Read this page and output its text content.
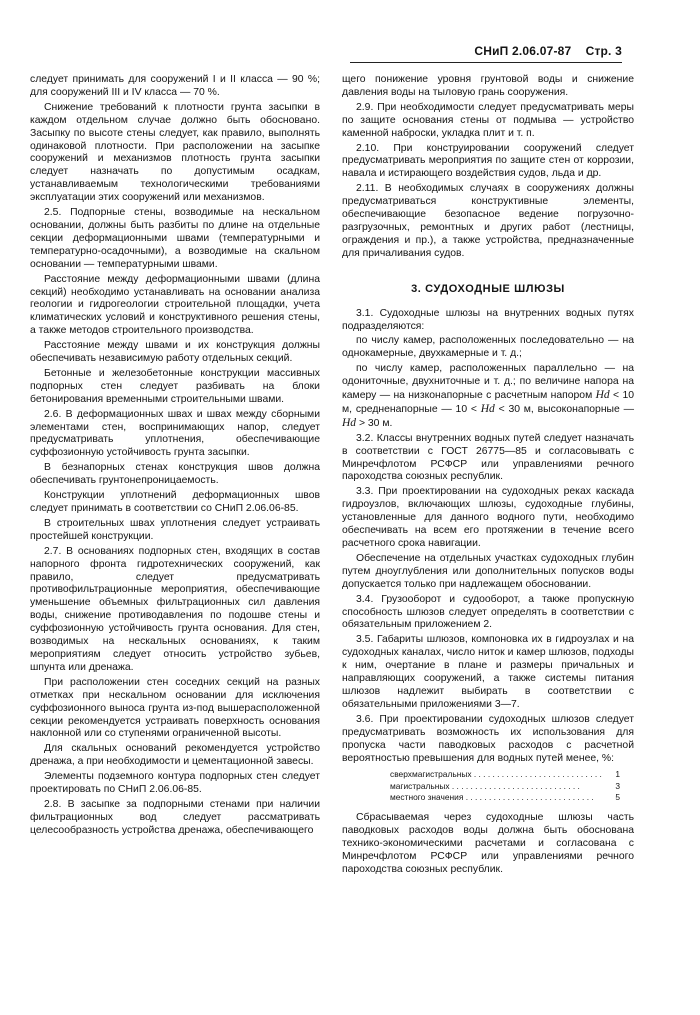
СНиП 2.06.07-87 Стр. 3

следует принимать для сооружений I и II класса — 90 %; для сооружений III и IV класса — 70 %.

Снижение требований к плотности грунта засыпки в каждом отдельном случае должно быть обосновано. Засыпку по высоте стены следует, как правило, выполнять одинаковой плотности. При расположении на засыпке сооружений и механизмов плотность грунта засыпки следует назначать по допустимым осадкам, устанавливаемым технологическими требованиями эксплуатации этих сооружений или механизмов.

2.5. Подпорные стены, возводимые на нескальном основании, должны быть разбиты по длине на отдельные секции деформационными швами (температурными и температурно-осадочными), а возводимые на скальном основании — температурными швами.

Расстояние между деформационными швами (длина секций) необходимо устанавливать на основании анализа геологии и гидрогеологии строительной площадки, учета климатических условий и конструктивного решения стены, а также методов строительного производства.

Расстояние между швами и их конструкция должны обеспечивать независимую работу отдельных секций.

Бетонные и железобетонные конструкции массивных подпорных стен следует разбивать на блоки бетонирования временными строительными швами.

2.6. В деформационных швах и швах между сборными элементами стен, воспринимающих напор, следует предусматривать уплотнения, обеспечивающие суффозионную устойчивость грунта засыпки.

В безнапорных стенах конструкция швов должна обеспечивать грунтонепроницаемость.

Конструкции уплотнений деформационных швов следует принимать в соответствии со СНиП 2.06.06-85.

В строительных швах уплотнения следует устраивать простейшей конструкции.

2.7. В основаниях подпорных стен, входящих в состав напорного фронта гидротехнических сооружений, как правило, следует предусматривать противофильтрационные мероприятия, обеспечивающие уменьшение объемных фильтрационных сил давления воды, снижение противодавления по подошве стены и суффозионную устойчивость грунта основания. Для стен, возводимых на нескальных основаниях, к таким мероприятиям следует относить устройство зубьев, шпунта или дренажа.

При расположении стен соседних секций на разных отметках при нескальном основании для исключения суффозионного выноса грунта из-под вышерасположенной секции рекомендуется устраивать поверхность основания наклонной или со ступенями ограниченной высоты.

Для скальных оснований рекомендуется устройство дренажа, а при необходимости и цементационной завесы.

Элементы подземного контура подпорных стен следует проектировать по СНиП 2.06.06-85.

2.8. В засыпке за подпорными стенами при наличии фильтрационных вод следует рассматривать целесообразность устройства дренажа, обеспечивающего

щего понижение уровня грунтовой воды и снижение давления воды на тыловую грань сооружения.

2.9. При необходимости следует предусматривать меры по защите основания стены от подмыва — устройство каменной наброски, укладка плит и т. п.

2.10. При конструировании сооружений следует предусматривать мероприятия по защите стен от коррозии, навала и истирающего воздействия судов, льда и др.

2.11. В необходимых случаях в сооружениях должны предусматриваться конструктивные элементы, обеспечивающие безопасное ведение погрузочно-разгрузочных, ремонтных и других работ (лестницы, ограждения и пр.), а также устройства, предназначенные для причаливания судов.

3. СУДОХОДНЫЕ ШЛЮЗЫ

3.1. Судоходные шлюзы на внутренних водных путях подразделяются:

по числу камер, расположенных последовательно — на однокамерные, двухкамерные и т. д.;

по числу камер, расположенных параллельно — на одониточные, двухниточные и т. д.; по величине напора на камеру — на низконапорные с расчетным напором Hd < 10 м, средненапорные — 10 < Hd < 30 м, высоконапорные — Hd > 30 м.

3.2. Классы внутренних водных путей следует назначать в соответствии с ГОСТ 26775—85 и согласовывать с Минречфлотом РСФСР или управлениями речного пароходства союзных республик.

3.3. При проектировании на судоходных реках каскада гидроузлов, включающих шлюзы, судоходные глубины, установленные для данного водного пути, необходимо обеспечивать на всем его протяжении в течение всего расчетного срока навигации.

Обеспечение на отдельных участках судоходных глубин путем дноуглубления или дополнительных попусков воды допускается только при надлежащем обосновании.

3.4. Грузооборот и судооборот, а также пропускную способность шлюзов следует определять в соответствии с обязательным приложением 2.

3.5. Габариты шлюзов, компоновка их в гидроузлах и на судоходных каналах, число ниток и камер шлюзов, подходы к ним, очертание в плане и размеры причальных и направляющих сооружений, а также системы питания шлюзов надлежит выбирать в соответствии с обязательными приложениями 3—7.

3.6. При проектировании судоходных шлюзов следует предусматривать возможность их использования для пропуска части паводковых расходов с расчетной вероятностью превышения для водных путей менее, %:

сверхмагистральных . . .	1
магистральных . . .	3
местного значения . . .	5

Сбрасываемая через судоходные шлюзы часть паводковых расходов воды должна быть обоснована технико-экономическими расчетами и согласована с Минречфлотом РСФСР или управлениями речного пароходства союзных республик.
